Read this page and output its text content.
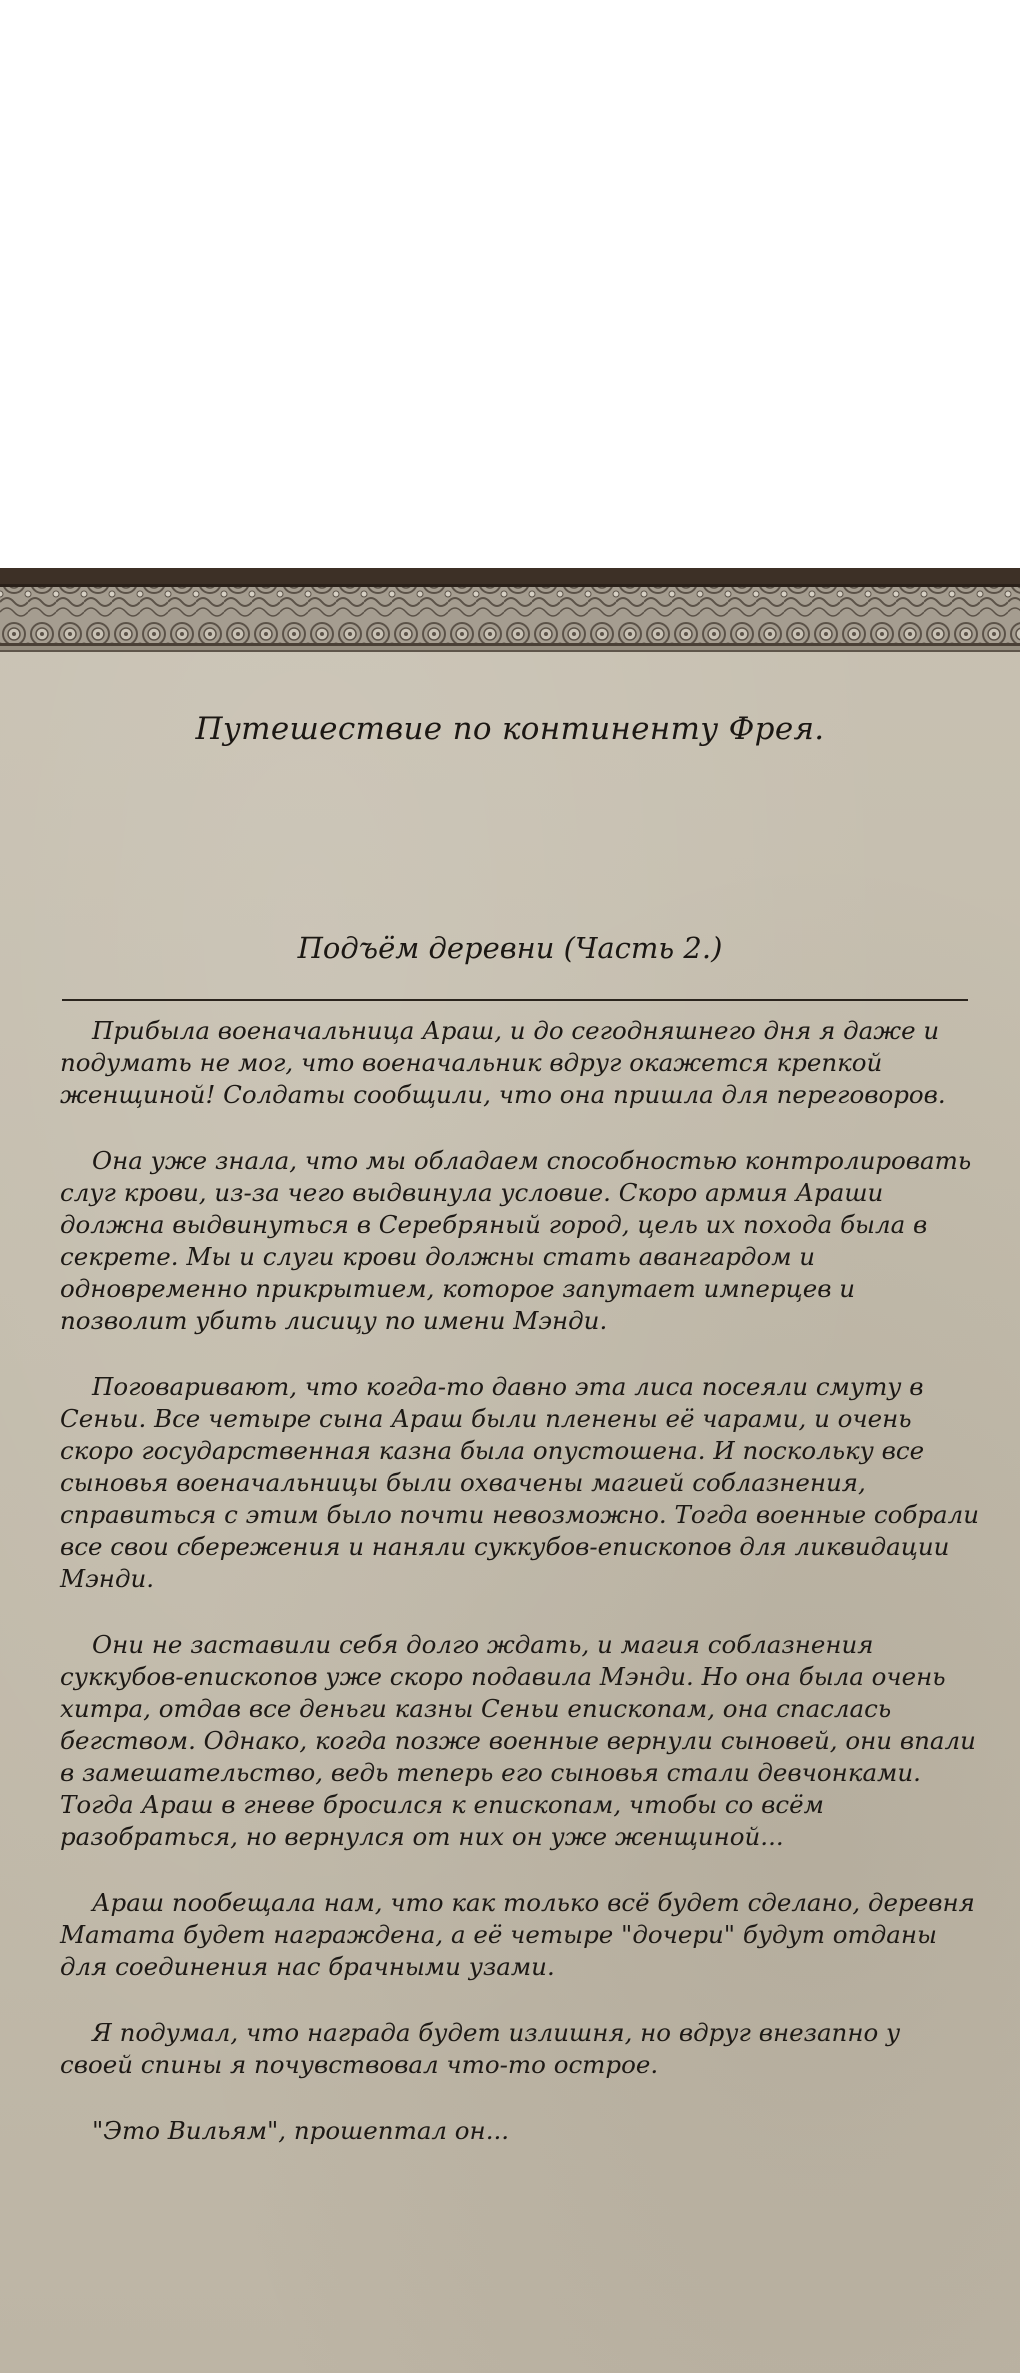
Путешествие по континенту Фрея.
Подъём деревни (Часть 2.)

Прибыла военачальница Араш, и до сегодняшнего дня я даже и подумать не мог, что военачальник вдруг окажется крепкой женщиной! Солдаты сообщили, что она пришла для переговоров.

Она уже знала, что мы обладаем способностью контролировать слуг крови, из-за чего выдвинула условие. Скоро армия Араши должна выдвинуться в Серебряный город, цель их похода была в секрете. Мы и слуги крови должны стать авангардом и одновременно прикрытием, которое запутает имперцев и позволит убить лисицу по имени Мэнди.

Поговаривают, что когда-то давно эта лиса посеяли смуту в Сеньи. Все четыре сына Араш были пленены её чарами, и очень скоро государственная казна была опустошена. И поскольку все сыновья военачальницы были охвачены магией соблазнения, справиться с этим было почти невозможно. Тогда военные собрали все свои сбережения и наняли суккубов-епископов для ликвидации Мэнди.

Они не заставили себя долго ждать, и магия соблазнения суккубов-епископов уже скоро подавила Мэнди. Но она была очень хитра, отдав все деньги казны Сеньи епископам, она спаслась бегством. Однако, когда позже военные вернули сыновей, они впали в замешательство, ведь теперь его сыновья стали девчонками. Тогда Араш в гневе бросился к епископам, чтобы со всём разобраться, но вернулся от них он уже женщиной...

Араш пообещала нам, что как только всё будет сделано, деревня Матата будет награждена, а её четыре "дочери" будут отданы для соединения нас брачными узами.

Я подумал, что награда будет излишня, но вдруг внезапно у своей спины я почувствовал что-то острое.

"Это Вильям", прошептал он...
